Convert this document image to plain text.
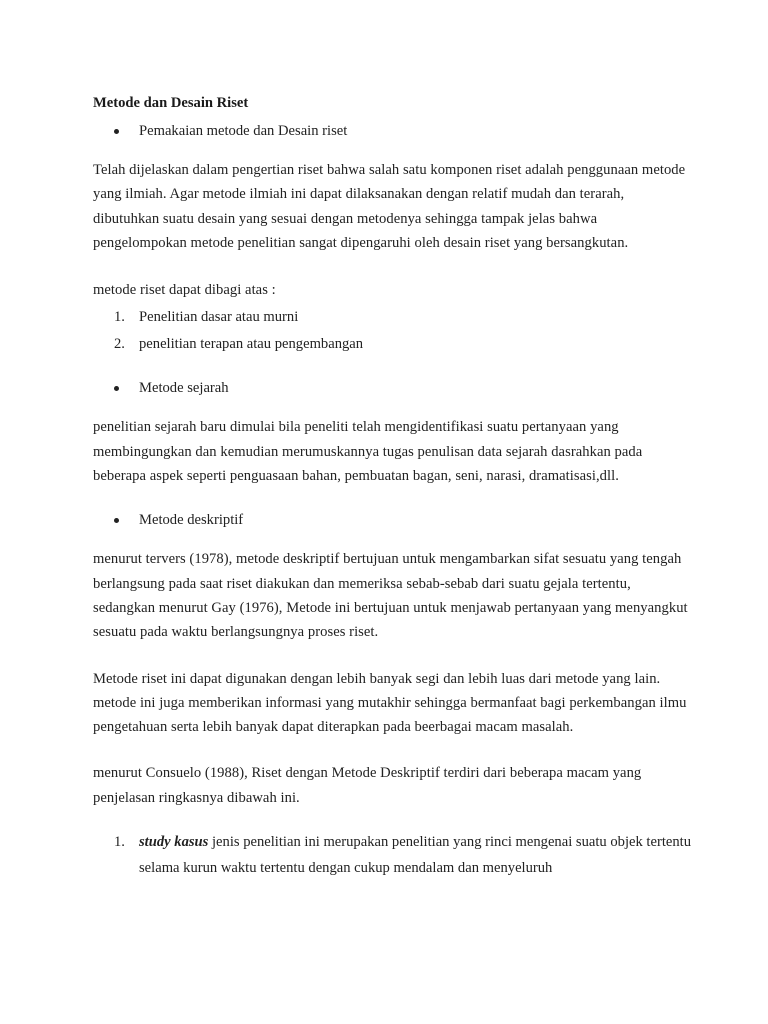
Metode dan Desain Riset

Pemakaian metode dan Desain riset

Telah dijelaskan dalam pengertian riset bahwa salah satu komponen riset adalah penggunaan metode yang ilmiah. Agar metode ilmiah ini dapat dilaksanakan dengan relatif mudah dan terarah, dibutuhkan suatu desain yang sesuai dengan metodenya sehingga tampak jelas bahwa pengelompokan metode penelitian sangat dipengaruhi oleh desain riset yang bersangkutan.

metode riset dapat dibagi atas :

1. Penelitian dasar atau murni
2. penelitian terapan atau pengembangan
Metode sejarah

penelitian sejarah baru dimulai bila peneliti telah mengidentifikasi suatu pertanyaan yang membingungkan dan kemudian merumuskannya tugas penulisan data sejarah dasrahkan pada beberapa aspek seperti penguasaan bahan, pembuatan bagan, seni, narasi, dramatisasi,dll.

Metode deskriptif

menurut tervers (1978), metode deskriptif bertujuan untuk mengambarkan sifat sesuatu yang tengah berlangsung pada saat riset diakukan dan memeriksa sebab-sebab dari suatu gejala tertentu, sedangkan menurut Gay (1976), Metode ini bertujuan untuk menjawab pertanyaan yang menyangkut sesuatu pada waktu berlangsungnya proses riset.

Metode riset ini dapat digunakan dengan lebih banyak segi dan lebih luas dari metode yang lain. metode ini juga memberikan informasi yang mutakhir sehingga bermanfaat bagi perkembangan ilmu pengetahuan serta lebih banyak dapat diterapkan pada beerbagai macam masalah.

menurut Consuelo (1988), Riset dengan Metode Deskriptif terdiri dari beberapa macam yang penjelasan ringkasnya dibawah ini.

1. study kasus jenis penelitian ini merupakan penelitian yang rinci mengenai suatu objek tertentu selama kurun waktu tertentu dengan cukup mendalam dan menyeluruh
